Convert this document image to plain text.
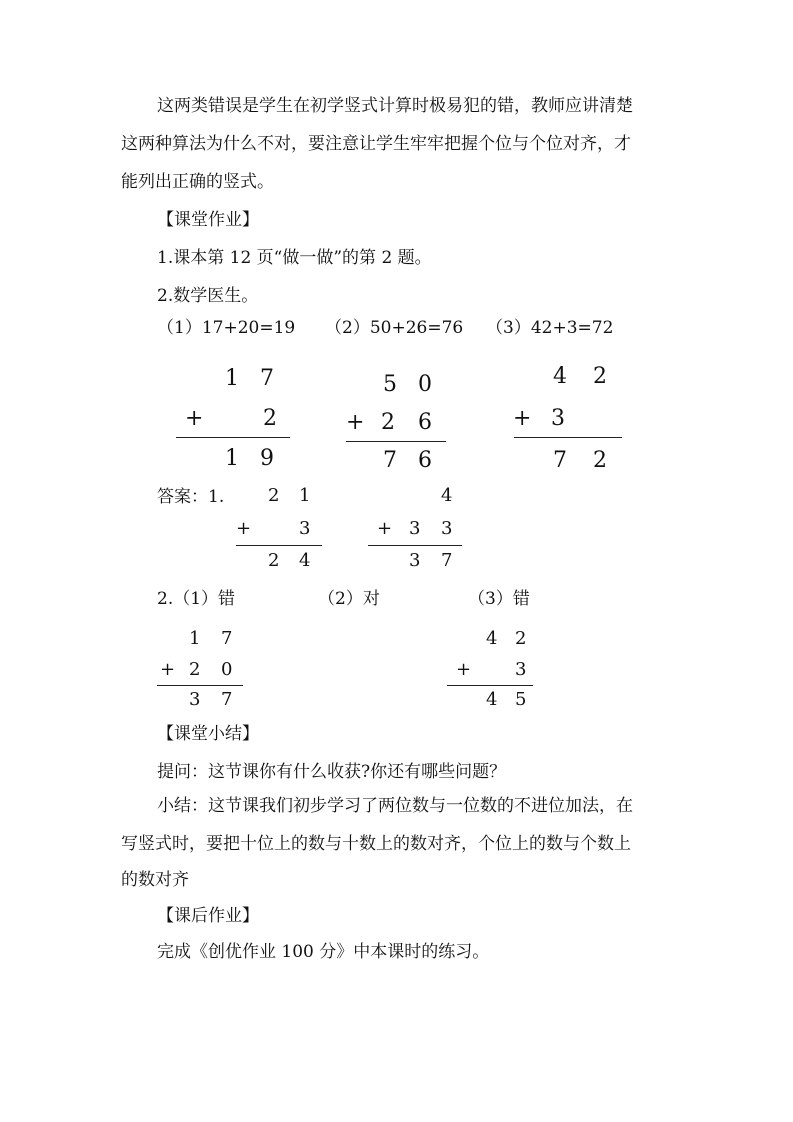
这两类错误是学生在初学竖式计算时极易犯的错，教师应讲清楚
这两种算法为什么不对，要注意让学生牢牢把握个位与个位对齐，才
能列出正确的竖式。
【课堂作业】
1.课本第 12 页“做一做”的第 2 题。
2.数学医生。
（1）17+20=19 （2）50+26=76 （3）42+3=72
1 7
+	2
1 9
5 0
+ 2 6
7 6
4 2
+ 3
7 2
答案：1. 2 1
+	3
2 4
4
+ 3 3
3 7
2.（1）错	（2）对	（3）错
1 7
+ 2 0
3 7
4 2
+ 3
4 5
【课堂小结】
提问：这节课你有什么收获?你还有哪些问题？
小结：这节课我们初步学习了两位数与一位数的不进位加法，在
写竖式时，要把十位上的数与十数上的数对齐，个位上的数与个数上
的数对齐
【课后作业】
完成《创优作业 100 分》中本课时的练习。
